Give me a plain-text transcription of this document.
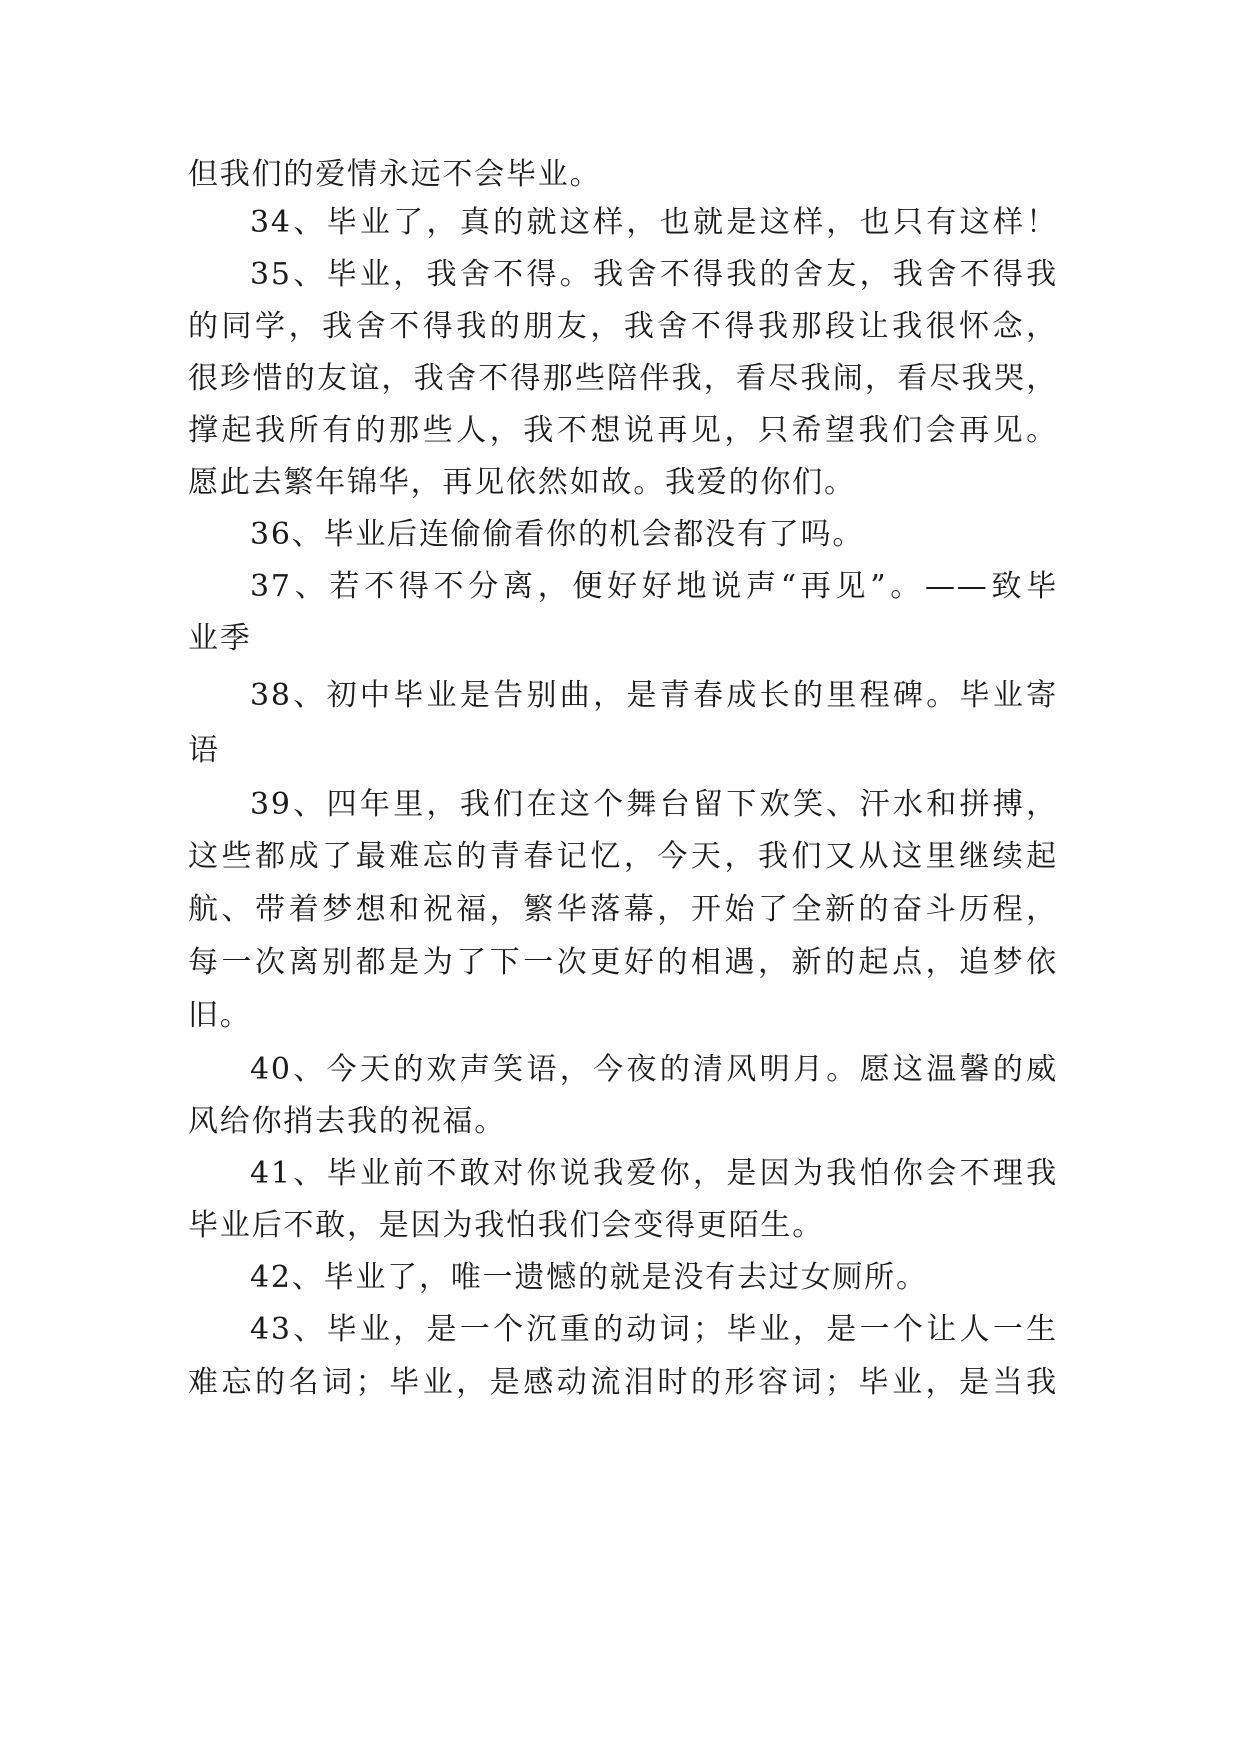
但我们的爱情永远不会毕业。
34、毕业了，真的就这样，也就是这样，也只有这样！
35、毕业，我舍不得。我舍不得我的舍友，我舍不得我
的同学，我舍不得我的朋友，我舍不得我那段让我很怀念，
很珍惜的友谊，我舍不得那些陪伴我，看尽我闹，看尽我哭，
撑起我所有的那些人，我不想说再见，只希望我们会再见。
愿此去繁年锦华，再见依然如故。我爱的你们。
36、毕业后连偷偷看你的机会都没有了吗。
37、若不得不分离，便好好地说声“再见”。——致毕
业季
38、初中毕业是告别曲，是青春成长的里程碑。毕业寄
语
39、四年里，我们在这个舞台留下欢笑、汗水和拼搏，
这些都成了最难忘的青春记忆，今天，我们又从这里继续起
航、带着梦想和祝福，繁华落幕，开始了全新的奋斗历程，
每一次离别都是为了下一次更好的相遇，新的起点，追梦依
旧。
40、今天的欢声笑语，今夜的清风明月。愿这温馨的威
风给你捎去我的祝福。
41、毕业前不敢对你说我爱你，是因为我怕你会不理我
毕业后不敢，是因为我怕我们会变得更陌生。
42、毕业了，唯一遗憾的就是没有去过女厕所。
43、毕业，是一个沉重的动词；毕业，是一个让人一生
难忘的名词；毕业，是感动流泪时的形容词；毕业，是当我
